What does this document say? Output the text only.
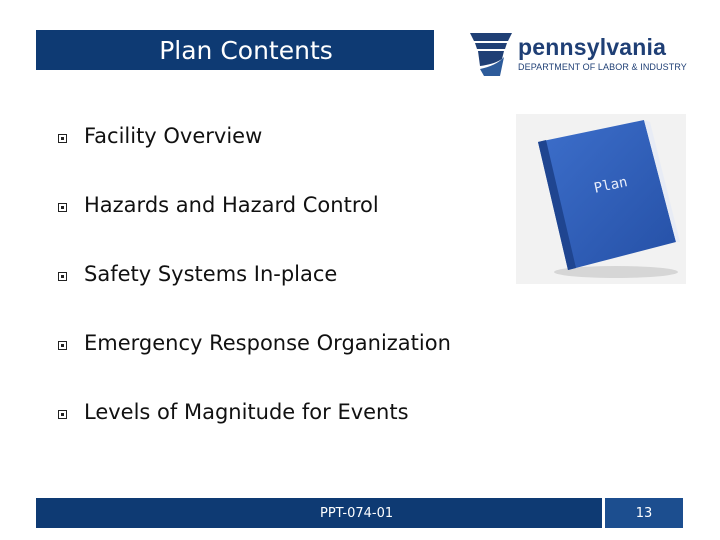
Plan Contents	pennsylvania
DEPARTMENT OF LABOR & INDUSTRY
Facility Overview
Hazards and Hazard Control
Safety Systems In-place
Emergency Response Organization
Levels of Magnitude for Events
Plan
PPT-074-01	13
